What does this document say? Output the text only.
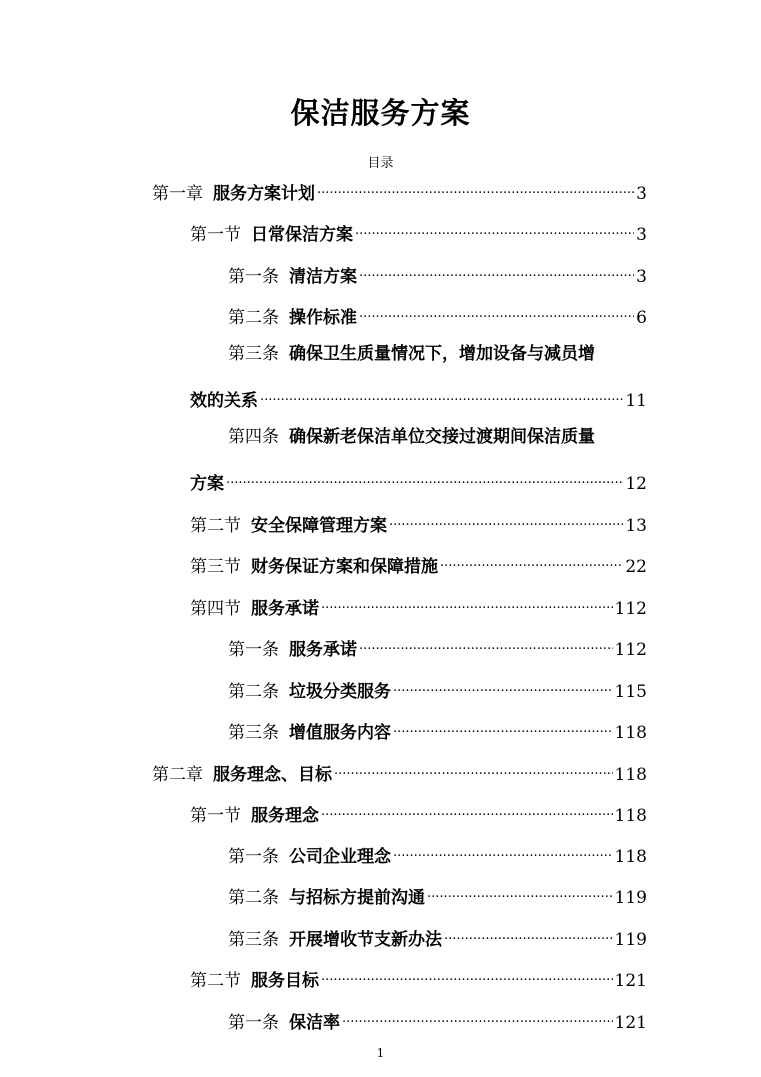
保洁服务方案
目录
第一章 服务方案计划 .....	3
第一节 日常保洁方案 .....	3
第一条 清洁方案 .....	3
第二条 操作标准 .....	6
第三条 确保卫生质量情况下，增加设备与减员增
效的关系 .....	11
第四条 确保新老保洁单位交接过渡期间保洁质量
方案 .....	12
第二节 安全保障管理方案 .....	13
第三节 财务保证方案和保障措施 .....	22
第四节 服务承诺 .....	112
第一条 服务承诺 .....	112
第二条 垃圾分类服务 .....	115
第三条 增值服务内容 .....	118
第二章 服务理念、目标 .....	118
第一节 服务理念 .....	118
第一条 公司企业理念 .....	118
第二条 与招标方提前沟通 .....	119
第三条 开展增收节支新办法 .....	119
第二节 服务目标 .....	121
第一条 保洁率 .....	121
1
